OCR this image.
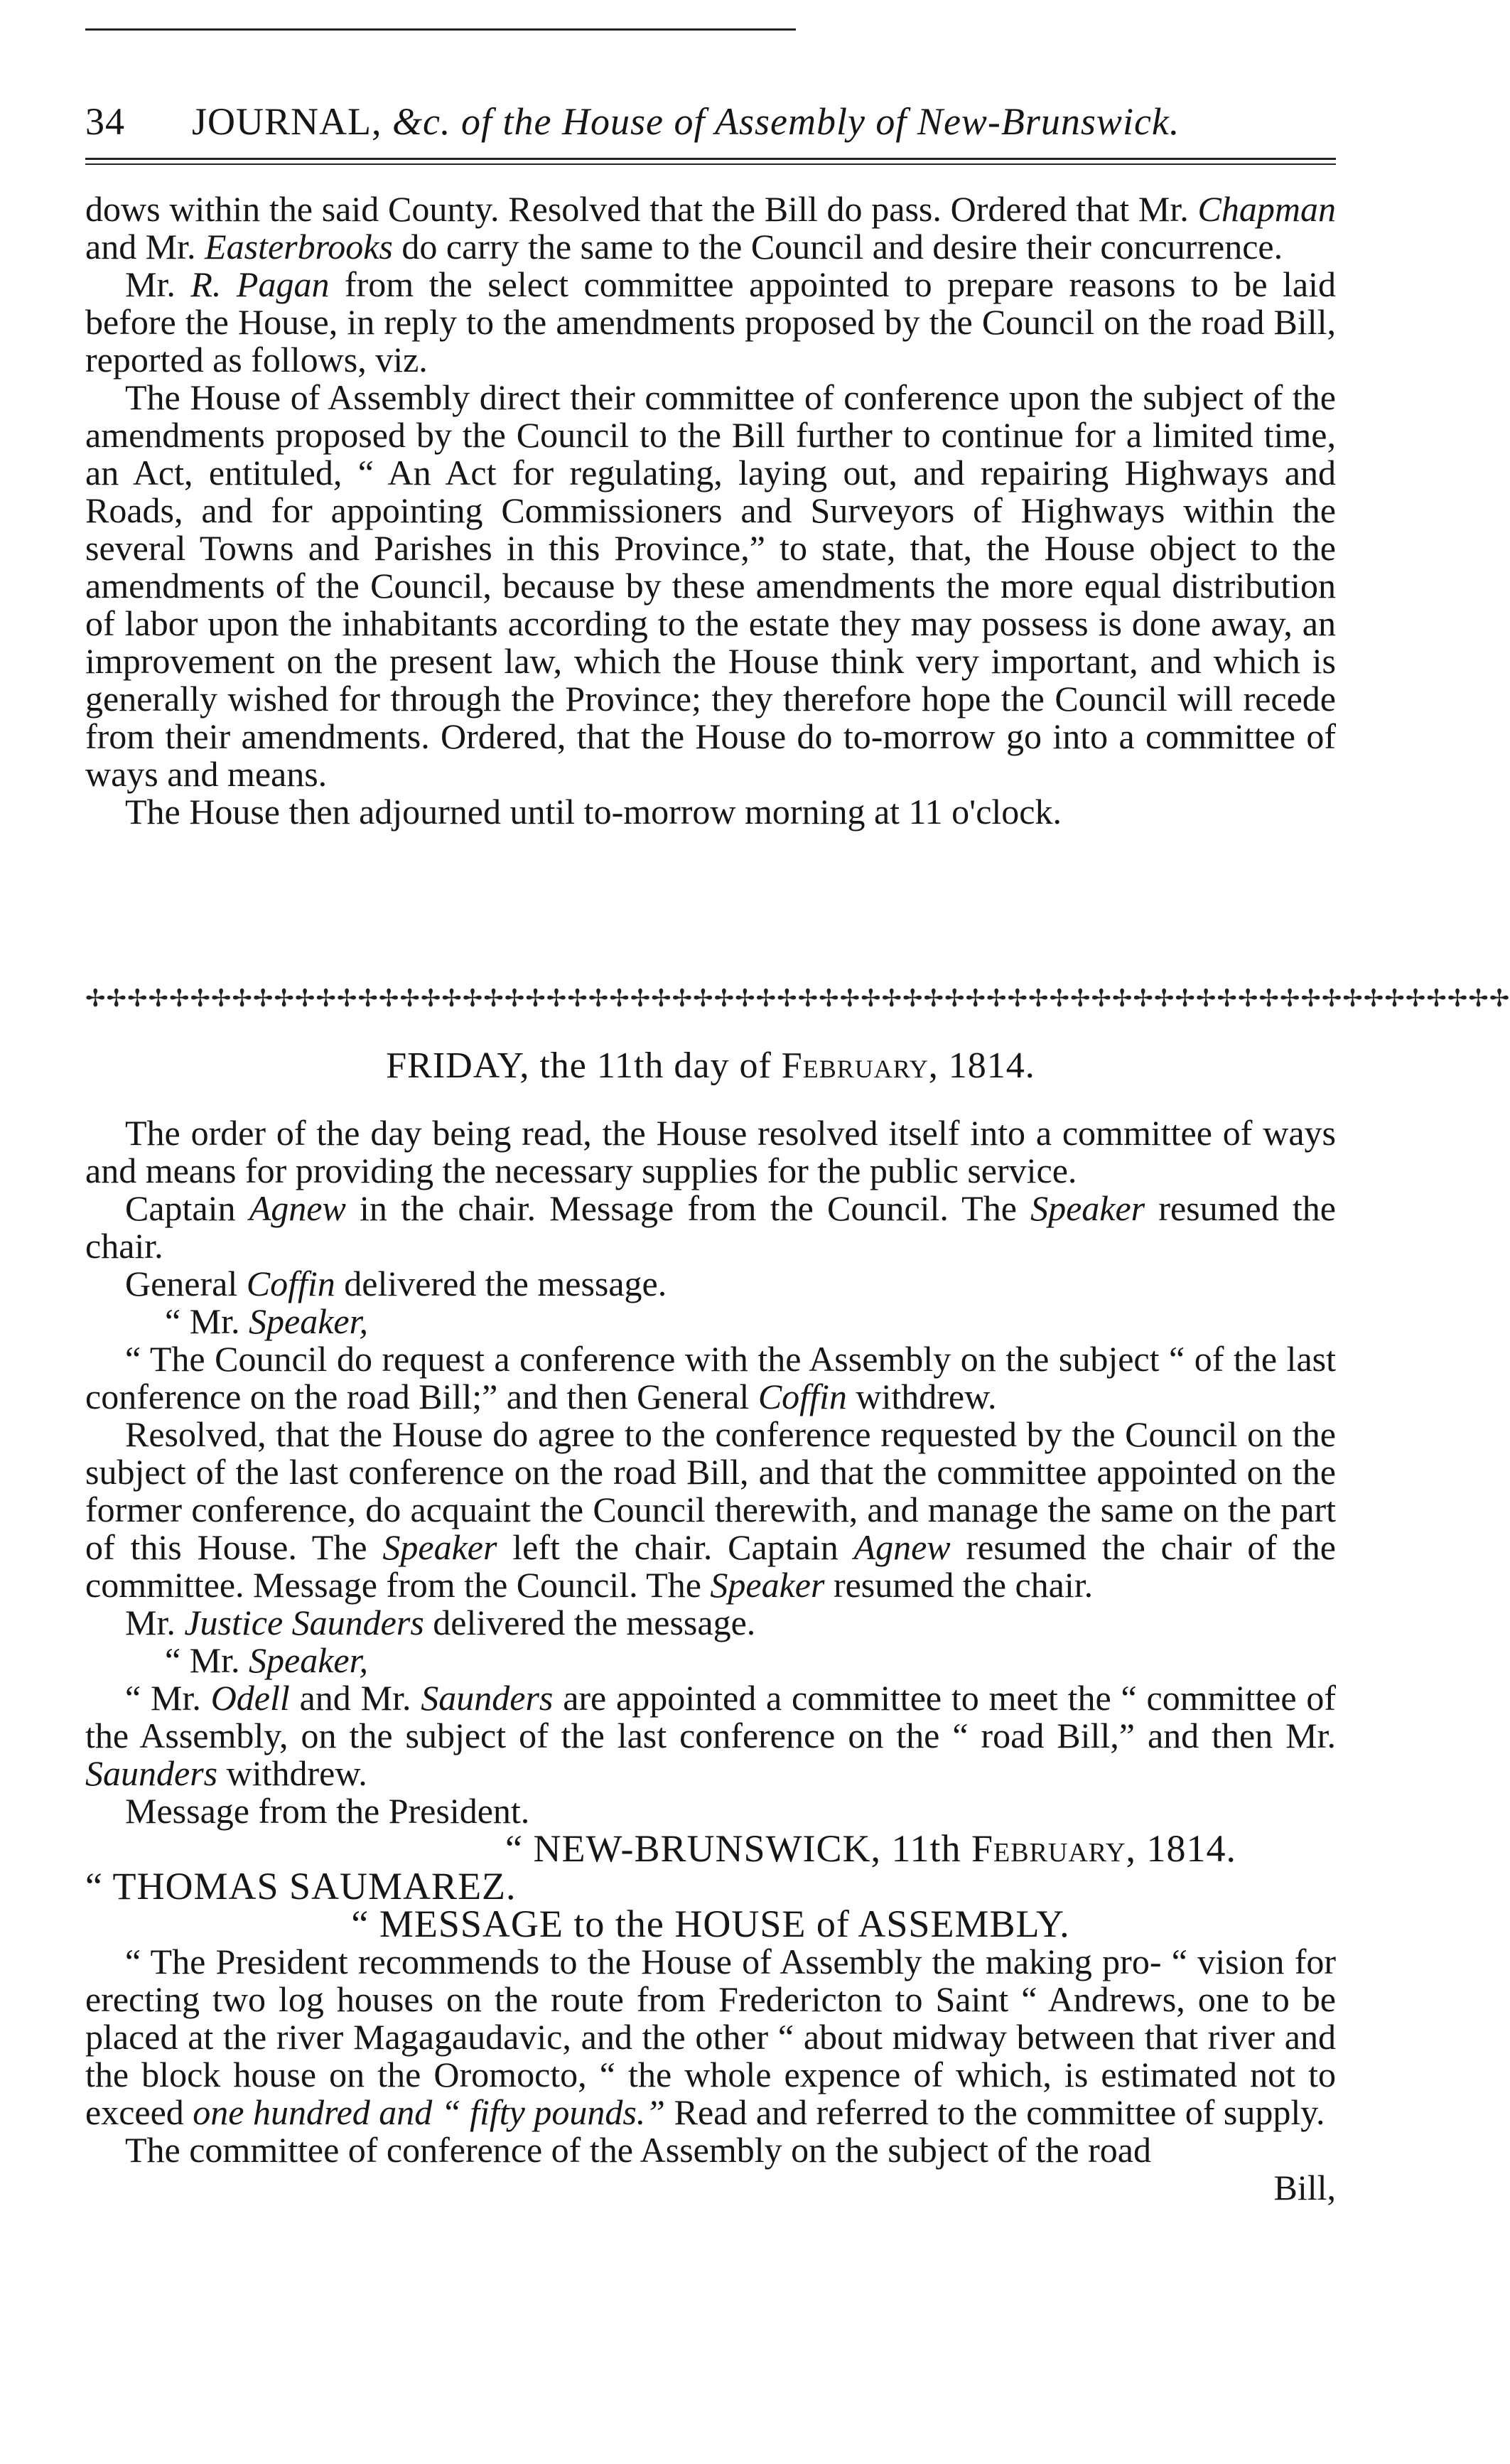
34 JOURNAL, &c. of the House of Assembly of New-Brunswick.

dows within the said County. Resolved that the Bill do pass. Ordered that Mr. Chapman and Mr. Easterbrooks do carry the same to the Council and desire their concurrence.

Mr. R. Pagan from the select committee appointed to prepare reasons to be laid before the House, in reply to the amendments proposed by the Council on the road Bill, reported as follows, viz.

The House of Assembly direct their committee of conference upon the subject of the amendments proposed by the Council to the Bill further to continue for a limited time, an Act, entituled, “ An Act for regulating, laying out, and repairing Highways and Roads, and for appointing Commissioners and Surveyors of Highways within the several Towns and Parishes in this Province,” to state, that, the House object to the amendments of the Council, because by these amendments the more equal distribution of labor upon the inhabitants according to the estate they may possess is done away, an improvement on the present law, which the House think very important, and which is generally wished for through the Province; they therefore hope the Council will recede from their amendments. Ordered, that the House do to-morrow go into a committee of ways and means.

The House then adjourned until to-morrow morning at 11 o'clock.

✢✢✢✢✢✢✢✢✢✢✢✢✢✢✢✢✢✢✢✢✢✢✢✢✢✢✢✢✢✢✢✢✢✢✢✢✢✢✢✢✢✢✢✢✢✢✢✢✢✢✢✢✢✢✢✢✢✢✢✢✢✢✢✢✢✢✢✢
FRIDAY, the 11th day of February, 1814.

The order of the day being read, the House resolved itself into a committee of ways and means for providing the necessary supplies for the public service.

Captain Agnew in the chair. Message from the Council. The Speaker resumed the chair.

General Coffin delivered the message.

“ Mr. Speaker,

“ The Council do request a conference with the Assembly on the subject “ of the last conference on the road Bill;” and then General Coffin withdrew.

Resolved, that the House do agree to the conference requested by the Council on the subject of the last conference on the road Bill, and that the committee appointed on the former conference, do acquaint the Council therewith, and manage the same on the part of this House. The Speaker left the chair. Captain Agnew resumed the chair of the committee. Message from the Council. The Speaker resumed the chair.

Mr. Justice Saunders delivered the message.

“ Mr. Speaker,

“ Mr. Odell and Mr. Saunders are appointed a committee to meet the “ committee of the Assembly, on the subject of the last conference on the “ road Bill,” and then Mr. Saunders withdrew.

Message from the President.

“ NEW-BRUNSWICK, 11th February, 1814.

“ THOMAS SAUMAREZ.

“ MESSAGE to the HOUSE of ASSEMBLY.

“ The President recommends to the House of Assembly the making pro- “ vision for erecting two log houses on the route from Fredericton to Saint “ Andrews, one to be placed at the river Magagaudavic, and the other “ about midway between that river and the block house on the Oromocto, “ the whole expence of which, is estimated not to exceed one hundred and “ fifty pounds.” Read and referred to the committee of supply.

The committee of conference of the Assembly on the subject of the road

Bill,
